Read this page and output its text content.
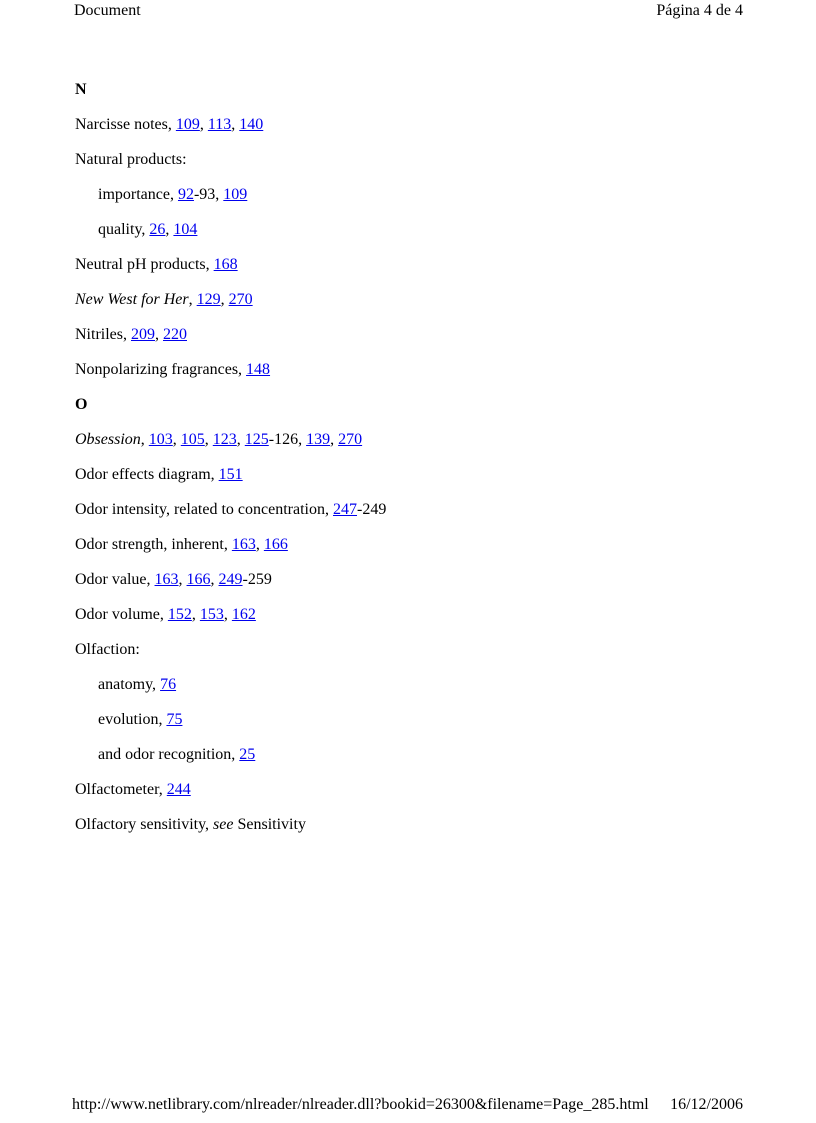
Document	Página 4 de 4
N
Narcisse notes, 109, 113, 140
Natural products:
importance, 92-93, 109
quality, 26, 104
Neutral pH products, 168
New West for Her, 129, 270
Nitriles, 209, 220
Nonpolarizing fragrances, 148
O
Obsession, 103, 105, 123, 125-126, 139, 270
Odor effects diagram, 151
Odor intensity, related to concentration, 247-249
Odor strength, inherent, 163, 166
Odor value, 163, 166, 249-259
Odor volume, 152, 153, 162
Olfaction:
anatomy, 76
evolution, 75
and odor recognition, 25
Olfactometer, 244
Olfactory sensitivity, see Sensitivity
http://www.netlibrary.com/nlreader/nlreader.dll?bookid=26300&filename=Page_285.html	16/12/2006
